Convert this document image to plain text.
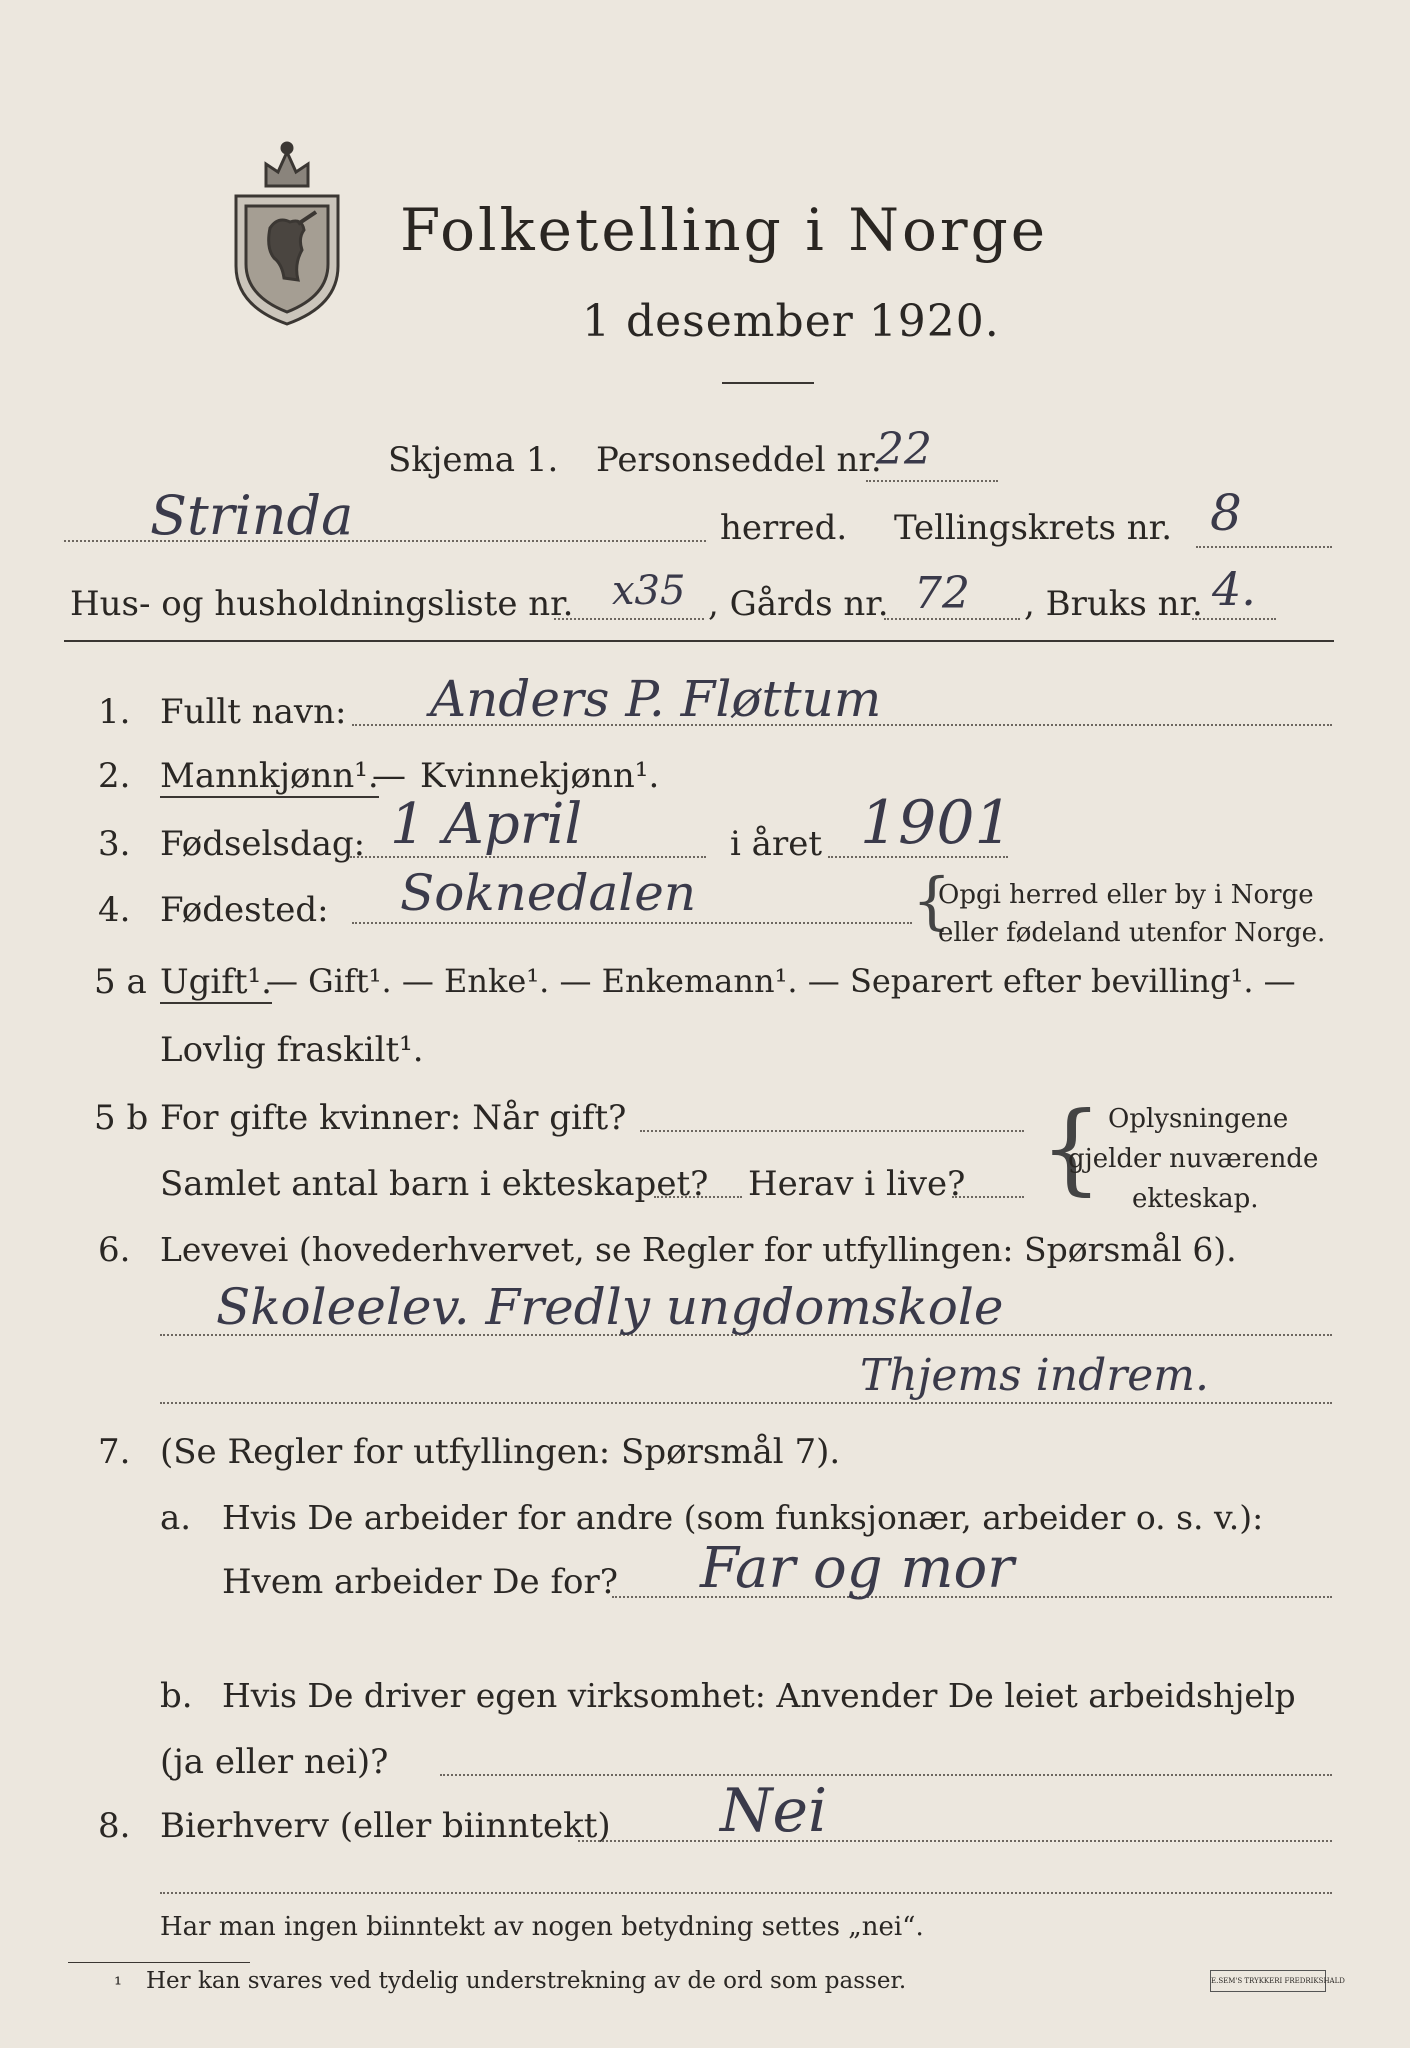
Folketelling i Norge
1 desember 1920.
Skjema 1. Personseddel nr.
22
Strinda	herred. Tellingskrets nr. 8
Hus- og husholdningsliste nr. x35 , Gårds nr. 72 , Bruks nr. 4.
1. Fullt navn: Anders P. Fløttum
2. Mannkjønn¹.
— Kvinnekjønn¹.
3. Fødselsdag: 1 April	i året 1901
4. Fødested: Soknedalen	{
Opgi herred eller by i Norge
eller fødeland utenfor Norge.
5 a Ugift¹.
— Gift¹. — Enke¹. — Enkemann¹. — Separert efter bevilling¹. —
Lovlig fraskilt¹.
5 b For gifte kvinner: Når gift?
Samlet antal barn i ekteskapet? Herav i live? { Oplysningene
gjelder nuværende
ekteskap.
6. Levevei (hovederhvervet, se Regler for utfyllingen: Spørsmål 6).
Skoleelev. Fredly ungdomskole
Thjems indrem.
7. (Se Regler for utfyllingen: Spørsmål 7).
a. Hvis De arbeider for andre (som funksjonær, arbeider o. s. v.):
Hvem arbeider De for? Far og mor
b. Hvis De driver egen virksomhet: Anvender De leiet arbeidshjelp
(ja eller nei)?
8. Bierhverv (eller biinntekt) Nei
Har man ingen biinntekt av nogen betydning settes „nei“.
¹ Her kan svares ved tydelig understrekning av de ord som passer.	E.SEM'S TRYKKERI FREDRIKSHALD
